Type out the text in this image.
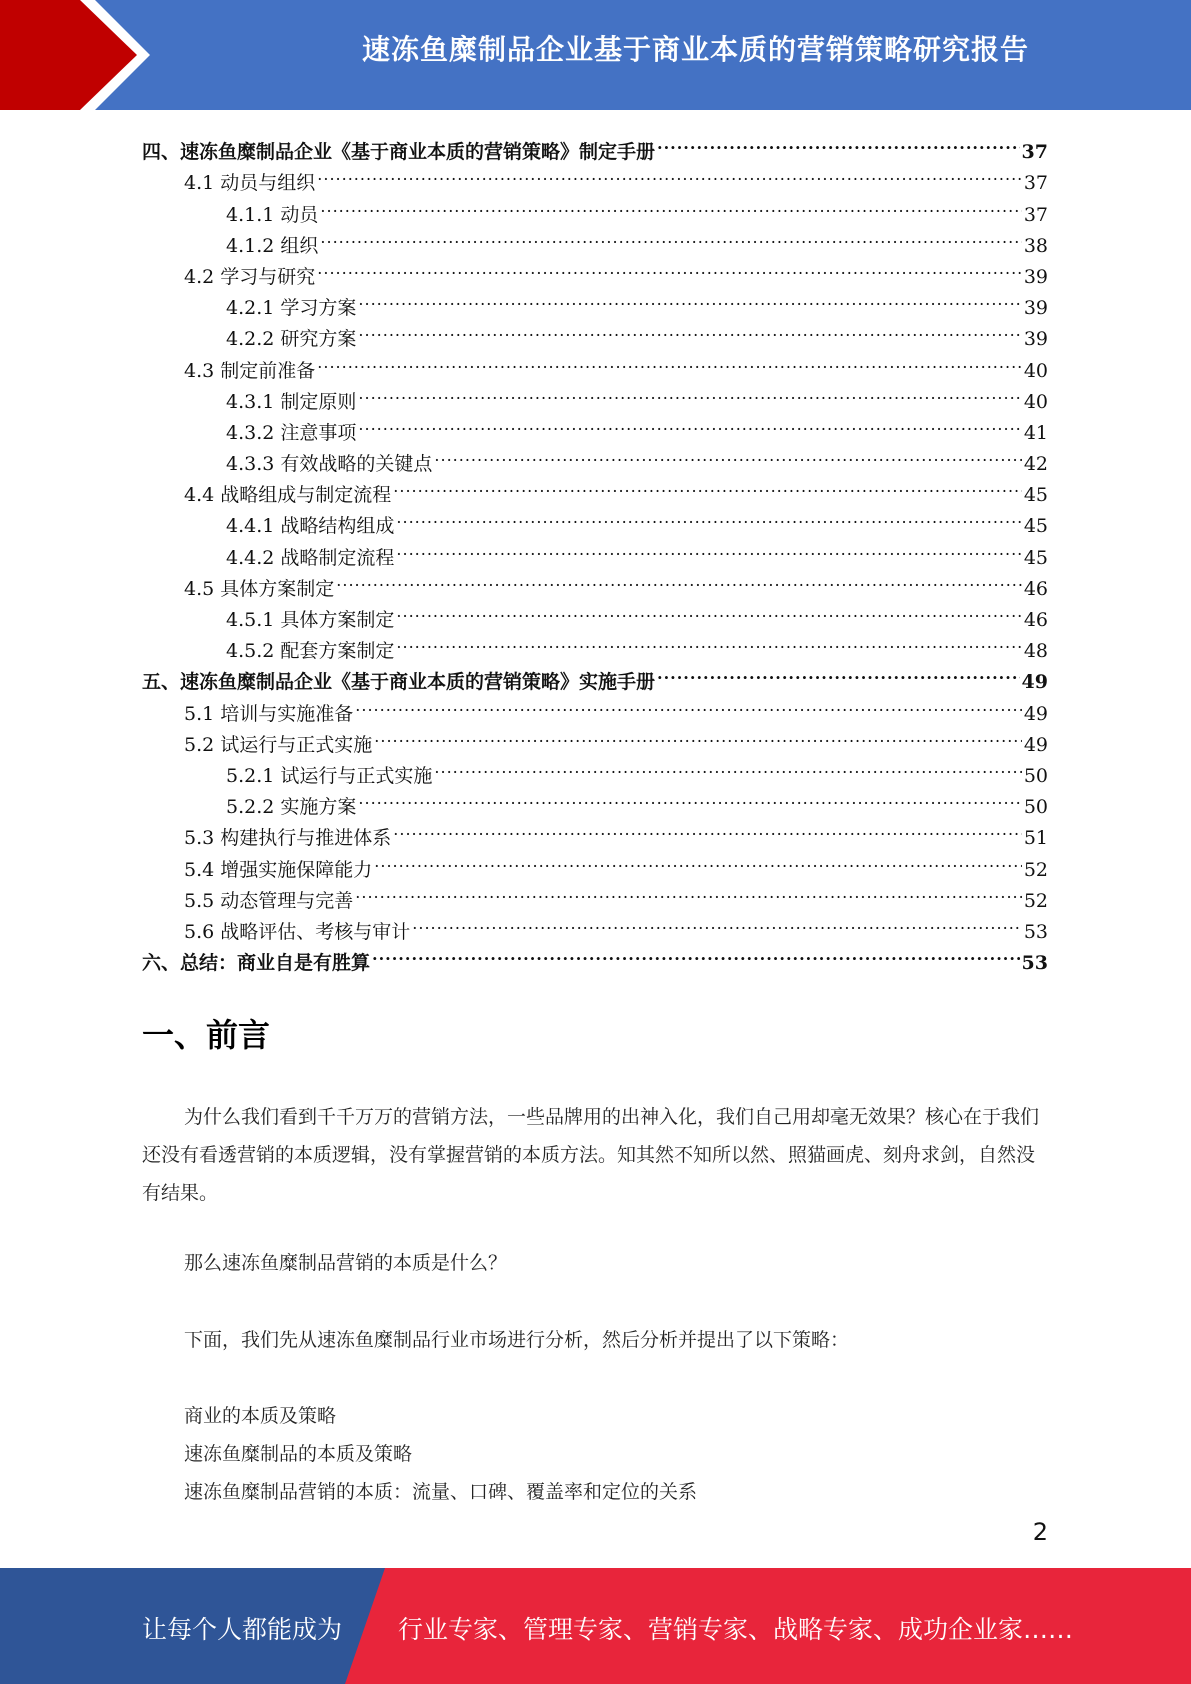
速冻鱼糜制品企业基于商业本质的营销策略研究报告
四、速冻鱼糜制品企业《基于商业本质的营销策略》制定手册 .....	37
4.1 动员与组织 .....	37
4.1.1 动员 .....	37
4.1.2 组织 .....	38
4.2 学习与研究 .....	39
4.2.1 学习方案 .....	39
4.2.2 研究方案 .....	39
4.3 制定前准备 .....	40
4.3.1 制定原则 .....	40
4.3.2 注意事项 .....	41
4.3.3 有效战略的关键点 .....	42
4.4 战略组成与制定流程 .....	45
4.4.1 战略结构组成 .....	45
4.4.2 战略制定流程 .....	45
4.5 具体方案制定 .....	46
4.5.1 具体方案制定 .....	46
4.5.2 配套方案制定 .....	48
五、速冻鱼糜制品企业《基于商业本质的营销策略》实施手册 .....	49
5.1 培训与实施准备 .....	49
5.2 试运行与正式实施 .....	49
5.2.1 试运行与正式实施 .....	50
5.2.2 实施方案 .....	50
5.3 构建执行与推进体系 .....	51
5.4 增强实施保障能力 .....	52
5.5 动态管理与完善 .....	52
5.6 战略评估、考核与审计 .....	53
六、总结：商业自是有胜算 .....	53
一、前言

为什么我们看到千千万万的营销方法，一些品牌用的出神入化，我们自己用却毫无效果？核心在于我们还没有看透营销的本质逻辑，没有掌握营销的本质方法。知其然不知所以然、照猫画虎、刻舟求剑，自然没有结果。

那么速冻鱼糜制品营销的本质是什么？

下面，我们先从速冻鱼糜制品行业市场进行分析，然后分析并提出了以下策略：

商业的本质及策略

速冻鱼糜制品的本质及策略

速冻鱼糜制品营销的本质：流量、口碑、覆盖率和定位的关系

2
让每个人都能成为 行业专家、管理专家、营销专家、战略专家、成功企业家……
